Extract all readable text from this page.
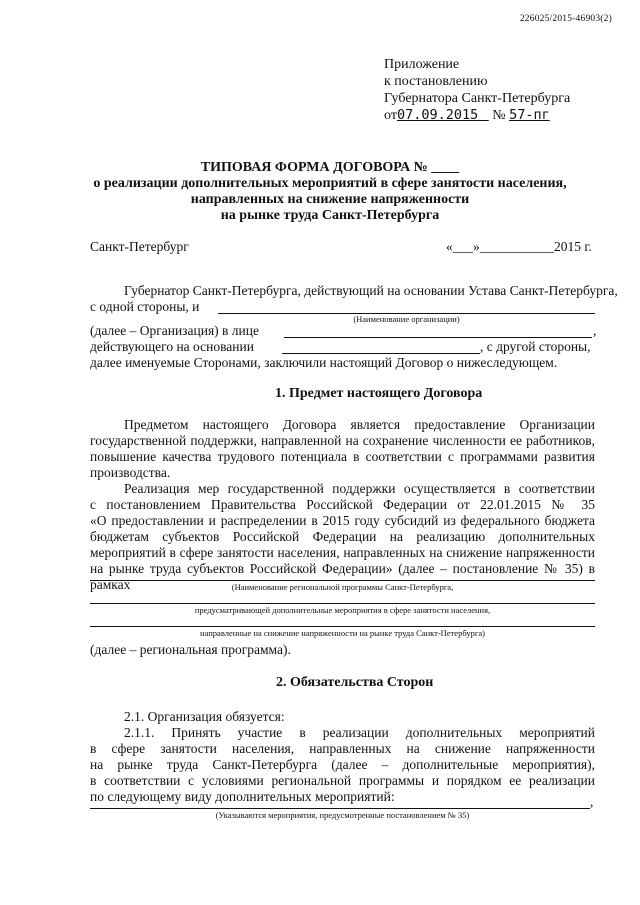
226025/2015-46903(2)
Приложение
к постановлению
Губернатора Санкт-Петербурга
от07.09.2015 № 57-пг
ТИПОВАЯ ФОРМА ДОГОВОРА № ____
о реализации дополнительных мероприятий в сфере занятости населения,
направленных на снижение напряженности
на рынке труда Санкт-Петербурга
Санкт-Петербург	«___»___________2015 г.
Губернатор Санкт-Петербурга, действующий на основании Устава Санкт-Петербурга,
с одной стороны, и
(Наименование организации)
(далее – Организация) в лице	,
действующего на основании	, с другой стороны,
далее именуемые Сторонами, заключили настоящий Договор о нижеследующем.
1. Предмет настоящего Договора
Предметом настоящего Договора является предоставление Организации
государственной поддержки, направленной на сохранение численности ее работников,
повышение качества трудового потенциала в соответствии с программами развития
производства.
Реализация мер государственной поддержки осуществляется в соответствии
с постановлением Правительства Российской Федерации от 22.01.2015 № 35
«О предоставлении и распределении в 2015 году субсидий из федерального бюджета
бюджетам субъектов Российской Федерации на реализацию дополнительных
мероприятий в сфере занятости населения, направленных на снижение напряженности
на рынке труда субъектов Российской Федерации» (далее – постановление № 35) в рамках	(Наименование региональной программы Санкт-Петербурга,
предусматривающей дополнительные мероприятия в сфере занятости населения,
направленные на снижение напряженности на рынке труда Санкт-Петербурга)
(далее – региональная программа).
2. Обязательства Сторон
2.1. Организация обязуется:
2.1.1. Принять участие в реализации дополнительных мероприятий
в сфере занятости населения, направленных на снижение напряженности
на рынке труда Санкт-Петербурга (далее – дополнительные мероприятия),
в соответствии с условиями региональной программы и порядком ее реализации
по следующему виду дополнительных мероприятий:	,
(Указываются мероприятия, предусмотренные постановлением № 35)
